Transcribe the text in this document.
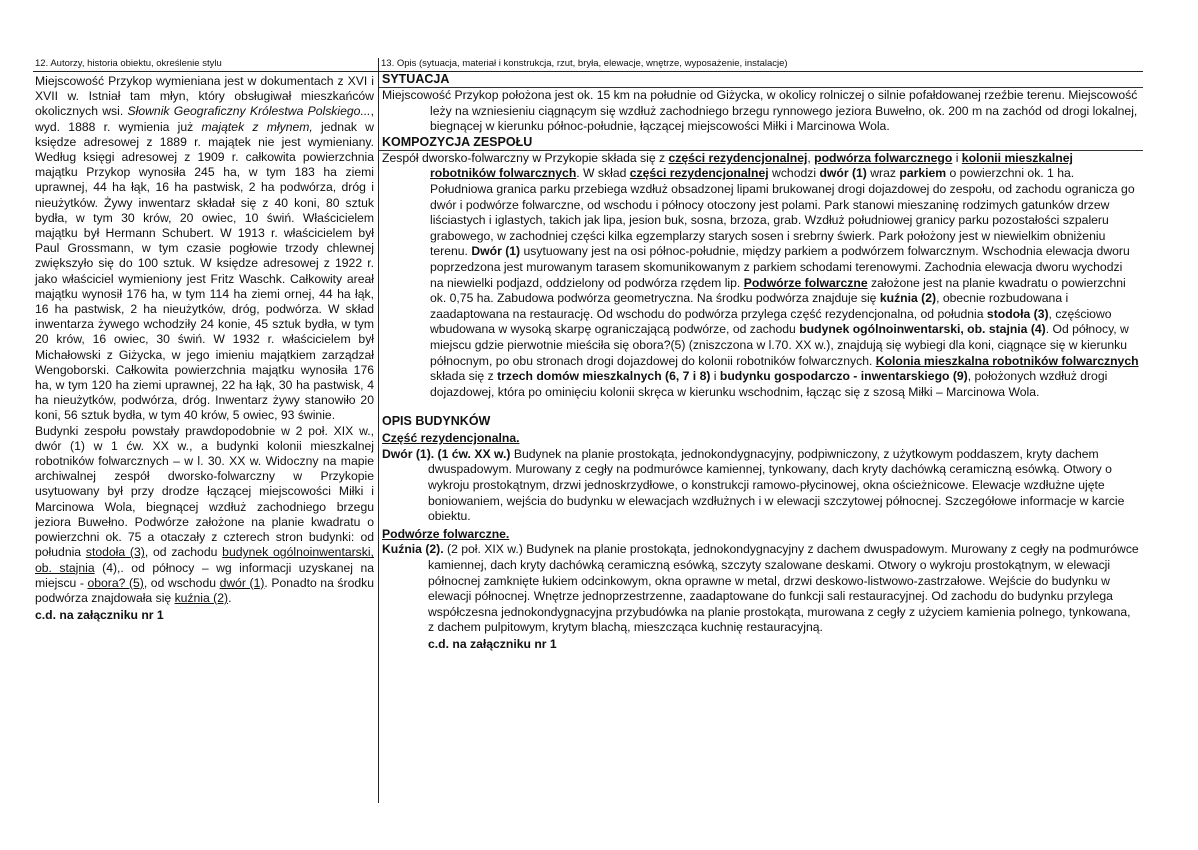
12. Autorzy, historia obiektu, określenie stylu

Miejscowość Przykop wymieniana jest w dokumentach z XVI i XVII w. Istniał tam młyn, który obsługiwał mieszkańców okolicznych wsi. Słownik Geograficzny Królestwa Polskiego..., wyd. 1888 r. wymienia już majątek z młynem, jednak w księdze adresowej z 1889 r. majątek nie jest wymieniany. Według księgi adresowej z 1909 r. całkowita powierzchnia majątku Przykop wynosiła 245 ha, w tym 183 ha ziemi uprawnej, 44 ha łąk, 16 ha pastwisk, 2 ha podwórza, dróg i nieużytków. Żywy inwentarz składał się z 40 koni, 80 sztuk bydła, w tym 30 krów, 20 owiec, 10 świń. Właścicielem majątku był Hermann Schubert. W 1913 r. właścicielem był Paul Grossmann, w tym czasie pogłowie trzody chlewnej zwiększyło się do 100 sztuk. W księdze adresowej z 1922 r. jako właściciel wymieniony jest Fritz Waschk. Całkowity areał majątku wynosił 176 ha, w tym 114 ha ziemi ornej, 44 ha łąk, 16 ha pastwisk, 2 ha nieużytków, dróg, podwórza. W skład inwentarza żywego wchodziły 24 konie, 45 sztuk bydła, w tym 20 krów, 16 owiec, 30 świń. W 1932 r. właścicielem był Michałowski z Giżycka, w jego imieniu majątkiem zarządzał Wengoborski. Całkowita powierzchnia majątku wynosiła 176 ha, w tym 120 ha ziemi uprawnej, 22 ha łąk, 30 ha pastwisk, 4 ha nieużytków, podwórza, dróg. Inwentarz żywy stanowiło 20 koni, 56 sztuk bydła, w tym 40 krów, 5 owiec, 93 świnie.

Budynki zespołu powstały prawdopodobnie w 2 poł. XIX w., dwór (1) w 1 ćw. XX w., a budynki kolonii mieszkalnej robotników folwarcznych – w l. 30. XX w. Widoczny na mapie archiwalnej zespół dworsko-folwarczny w Przykopie usytuowany był przy drodze łączącej miejscowości Miłki i Marcinowa Wola, biegnącej wzdłuż zachodniego brzegu jeziora Buwełno. Podwórze założone na planie kwadratu o powierzchni ok. 75 a otaczały z czterech stron budynki: od południa stodoła (3), od zachodu budynek ogólnoinwentarski, ob. stajnia (4),. od północy – wg informacji uzyskanej na miejscu - obora? (5), od wschodu dwór (1). Ponadto na środku podwórza znajdowała się kuźnia (2).

c.d. na załączniku nr 1
13. Opis (sytuacja, materiał i konstrukcja, rzut, bryła, elewacje, wnętrze, wyposażenie, instalacje)
SYTUACJA

Miejscowość Przykop położona jest ok. 15 km na południe od Giżycka, w okolicy rolniczej o silnie pofałdowanej rzeźbie terenu. Miejscowość leży na wzniesieniu ciągnącym się wzdłuż zachodniego brzegu rynnowego jeziora Buwełno, ok. 200 m na zachód od drogi lokalnej, biegnącej w kierunku północ-południe, łączącej miejscowości Miłki i Marcinowa Wola.

KOMPOZYCJA ZESPOŁU

Zespół dworsko-folwarczny w Przykopie składa się z części rezydencjonalnej, podwórza folwarcznego i kolonii mieszkalnej robotników folwarcznych. W skład części rezydencjonalnej wchodzi dwór (1) wraz parkiem o powierzchni ok. 1 ha. Południowa granica parku przebiega wzdłuż obsadzonej lipami brukowanej drogi dojazdowej do zespołu, od zachodu ogranicza go dwór i podwórze folwarczne, od wschodu i północy otoczony jest polami. Park stanowi mieszaninę rodzimych gatunków drzew liściastych i iglastych, takich jak lipa, jesion buk, sosna, brzoza, grab. Wzdłuż południowej granicy parku pozostałości szpaleru grabowego, w zachodniej części kilka egzemplarzy starych sosen i srebrny świerk. Park położony jest w niewielkim obniżeniu terenu. Dwór (1) usytuowany jest na osi północ-południe, między parkiem a podwórzem folwarcznym. Wschodnia elewacja dworu poprzedzona jest murowanym tarasem skomunikowanym z parkiem schodami terenowymi. Zachodnia elewacja dworu wychodzi na niewielki podjazd, oddzielony od podwórza rzędem lip. Podwórze folwarczne założone jest na planie kwadratu o powierzchni ok. 0,75 ha. Zabudowa podwórza geometryczna. Na środku podwórza znajduje się kuźnia (2), obecnie rozbudowana i zaadaptowana na restaurację. Od wschodu do podwórza przylega część rezydencjonalna, od południa stodoła (3), częściowo wbudowana w wysoką skarpę ograniczającą podwórze, od zachodu budynek ogólnoinwentarski, ob. stajnia (4). Od północy, w miejscu gdzie pierwotnie mieściła się obora?(5) (zniszczona w l.70. XX w.), znajdują się wybiegi dla koni, ciągnące się w kierunku północnym, po obu stronach drogi dojazdowej do kolonii robotników folwarcznych. Kolonia mieszkalna robotników folwarcznych składa się z trzech domów mieszkalnych (6, 7 i 8) i budynku gospodarczo - inwentarskiego (9), położonych wzdłuż drogi dojazdowej, która po ominięciu kolonii skręca w kierunku wschodnim, łącząc się z szosą Miłki – Marcinowa Wola.

OPIS BUDYNKÓW
Część rezydencjonalna.

Dwór (1). (1 ćw. XX w.) Budynek na planie prostokąta, jednokondygnacyjny, podpiwniczony, z użytkowym poddaszem, kryty dachem dwuspadowym. Murowany z cegły na podmurówce kamiennej, tynkowany, dach kryty dachówką ceramiczną esówką. Otwory o wykroju prostokątnym, drzwi jednoskrzydłowe, o konstrukcji ramowo-płycinowej, okna ościeżnicowe. Elewacje wzdłużne ujęte boniowaniem, wejścia do budynku w elewacjach wzdłużnych i w elewacji szczytowej północnej. Szczegółowe informacje w karcie obiektu.

Podwórze folwarczne.

Kuźnia (2). (2 poł. XIX w.) Budynek na planie prostokąta, jednokondygnacyjny z dachem dwuspadowym. Murowany z cegły na podmurówce kamiennej, dach kryty dachówką ceramiczną esówką, szczyty szalowane deskami. Otwory o wykroju prostokątnym, w elewacji północnej zamknięte łukiem odcinkowym, okna oprawne w metal, drzwi deskowo-listwowo-zastrzałowe. Wejście do budynku w elewacji północnej. Wnętrze jednoprzestrzenne, zaadaptowane do funkcji sali restauracyjnej. Od zachodu do budynku przylega współczesna jednokondygnacyjna przybudówka na planie prostokąta, murowana z cegły z użyciem kamienia polnego, tynkowana, z dachem pulpitowym, krytym blachą, mieszcząca kuchnię restauracyjną.

c.d. na załączniku nr 1
